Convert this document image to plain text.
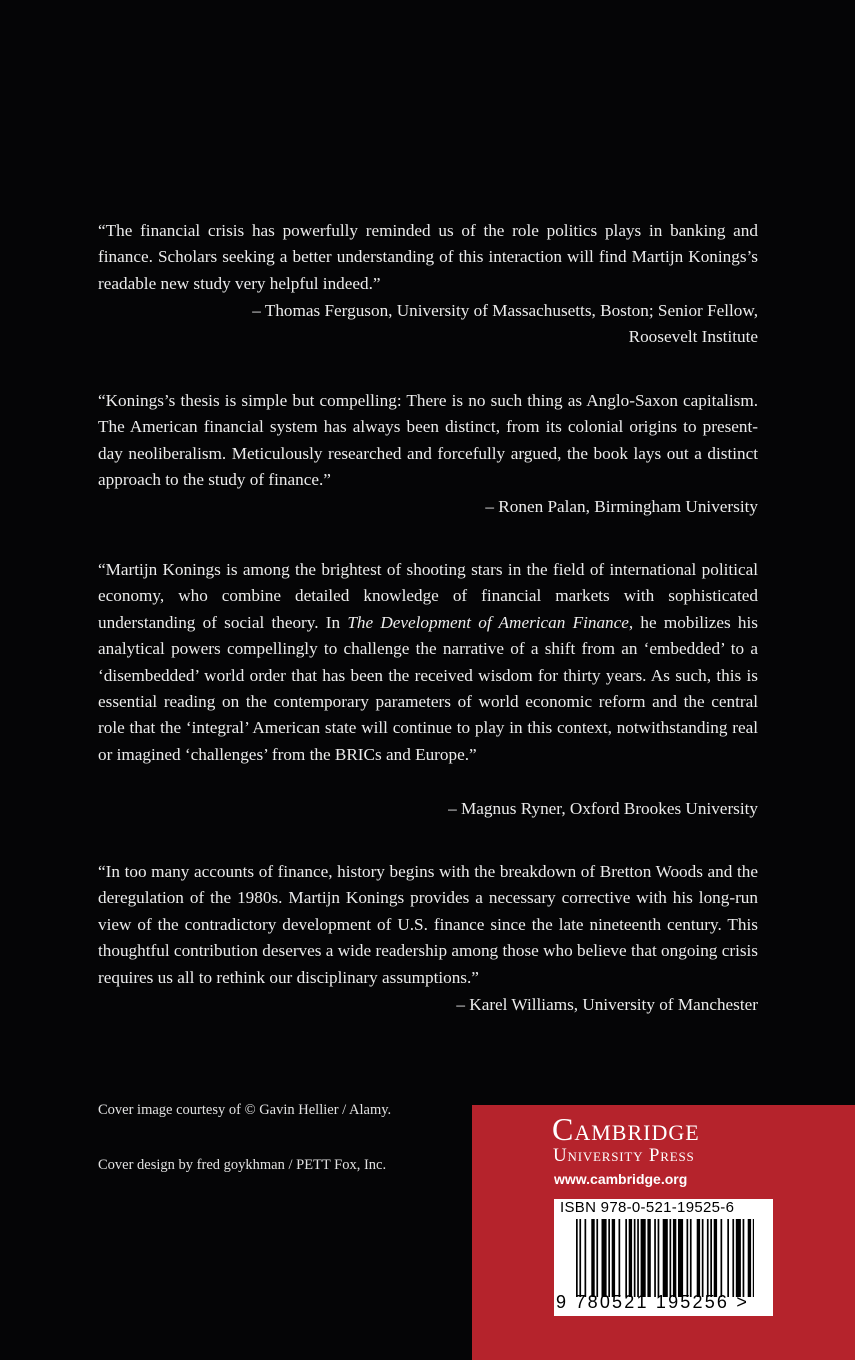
“The financial crisis has powerfully reminded us of the role politics plays in banking and finance. Scholars seeking a better understanding of this interaction will find Martijn Konings’s readable new study very helpful indeed.”

– Thomas Ferguson, University of Massachusetts, Boston; Senior Fellow, Roosevelt Institute

“Konings’s thesis is simple but compelling: There is no such thing as Anglo-Saxon capitalism. The American financial system has always been distinct, from its colonial origins to present-day neoliberalism. Meticulously researched and forcefully argued, the book lays out a distinct approach to the study of finance.”

– Ronen Palan, Birmingham University

“Martijn Konings is among the brightest of shooting stars in the field of international political economy, who combine detailed knowledge of financial markets with sophisticated understanding of social theory. In The Development of American Finance, he mobilizes his analytical powers compellingly to challenge the narrative of a shift from an ‘embedded’ to a ‘disembedded’ world order that has been the received wisdom for thirty years. As such, this is essential reading on the contemporary parameters of world economic reform and the central role that the ‘integral’ American state will continue to play in this context, notwithstanding real or imagined ‘challenges’ from the BRICs and Europe.”

– Magnus Ryner, Oxford Brookes University

“In too many accounts of finance, history begins with the breakdown of Bretton Woods and the deregulation of the 1980s. Martijn Konings provides a necessary corrective with his long-run view of the contradictory development of U.S. finance since the late nineteenth century. This thoughtful contribution deserves a wide readership among those who believe that ongoing crisis requires us all to rethink our disciplinary assumptions.”

– Karel Williams, University of Manchester

Cover image courtesy of © Gavin Hellier / Alamy.

Cover design by fred goykhman / PETT Fox, Inc.

Cambridge

University Press

www.cambridge.org

ISBN 978-0-521-19525-6
9 780521 195256 >
